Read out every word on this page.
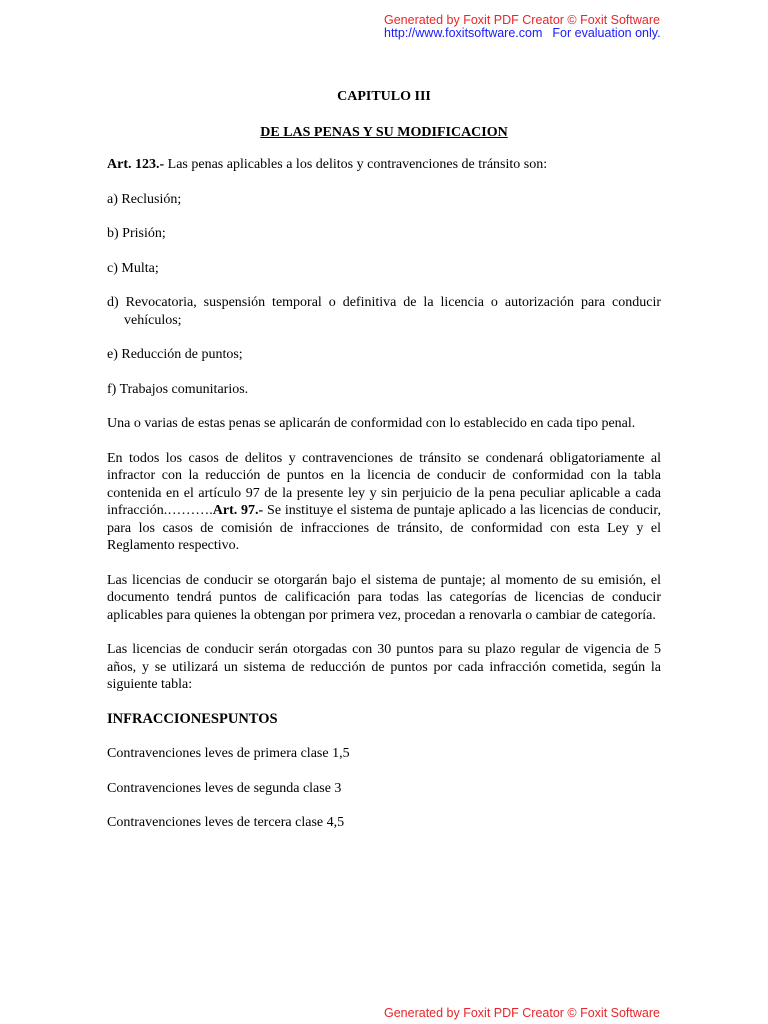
Generated by Foxit PDF Creator © Foxit Software
http://www.foxitsoftware.com For evaluation only.
CAPITULO III
DE LAS PENAS Y SU MODIFICACION

Art. 123.- Las penas aplicables a los delitos y contravenciones de tránsito son:

a) Reclusión;

b) Prisión;

c) Multa;

d) Revocatoria, suspensión temporal o definitiva de la licencia o autorización para conducir vehículos;

e) Reducción de puntos;

f) Trabajos comunitarios.

Una o varias de estas penas se aplicarán de conformidad con lo establecido en cada tipo penal.

En todos los casos de delitos y contravenciones de tránsito se condenará obligatoriamente al infractor con la reducción de puntos en la licencia de conducir de conformidad con la tabla contenida en el artículo 97 de la presente ley y sin perjuicio de la pena peculiar aplicable a cada infracción.……….Art. 97.- Se instituye el sistema de puntaje aplicado a las licencias de conducir, para los casos de comisión de infracciones de tránsito, de conformidad con esta Ley y el Reglamento respectivo.

Las licencias de conducir se otorgarán bajo el sistema de puntaje; al momento de su emisión, el documento tendrá puntos de calificación para todas las categorías de licencias de conducir aplicables para quienes la obtengan por primera vez, procedan a renovarla o cambiar de categoría.

Las licencias de conducir serán otorgadas con 30 puntos para su plazo regular de vigencia de 5 años, y se utilizará un sistema de reducción de puntos por cada infracción cometida, según la siguiente tabla:

INFRACCIONESPUNTOS

Contravenciones leves de primera clase 1,5

Contravenciones leves de segunda clase 3

Contravenciones leves de tercera clase 4,5

Generated by Foxit PDF Creator © Foxit Software
